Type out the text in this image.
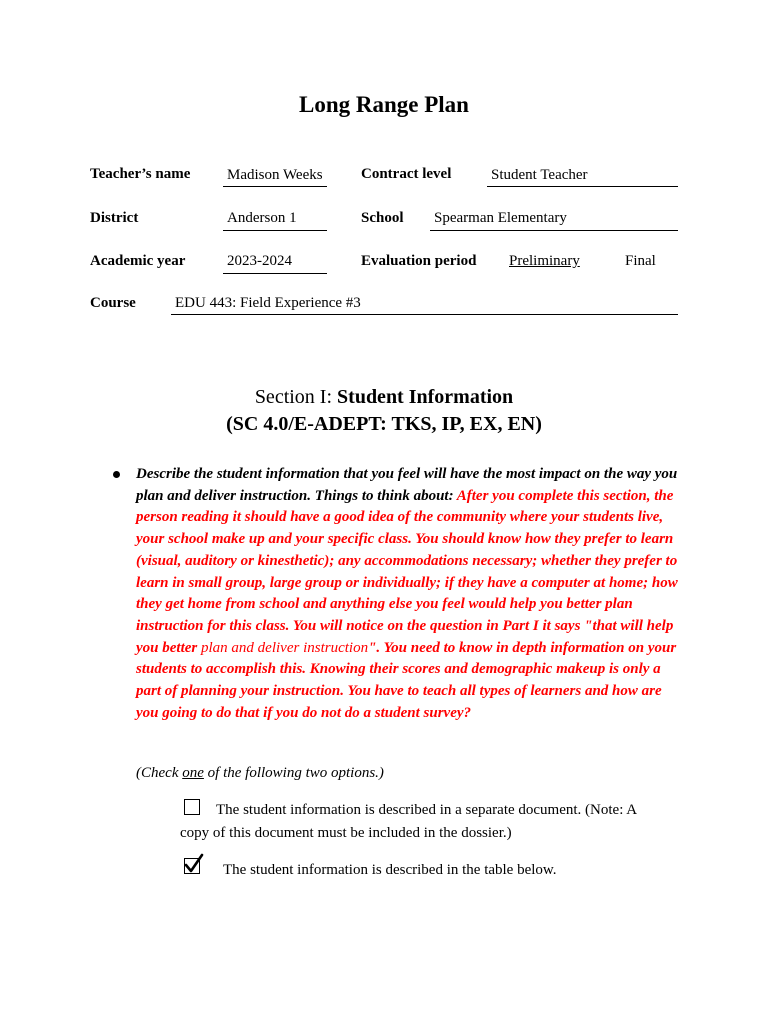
Long Range Plan
Teacher’s name Madison Weeks	Contract level	Student Teacher
District	Anderson 1	School Spearman Elementary
Academic year	2023-2024	Evaluation period Preliminary	Final
Course	EDU 443: Field Experience #3
Section I: Student Information
(SC 4.0/E-ADEPT: TKS, IP, EX, EN)
Describe the student information that you feel will have the most impact on the way you plan and deliver instruction. Things to think about: After you complete this section, the person reading it should have a good idea of the community where your students live, your school make up and your specific class. You should know how they prefer to learn (visual, auditory or kinesthetic); any accommodations necessary; whether they prefer to learn in small group, large group or individually; if they have a computer at home; how they get home from school and anything else you feel would help you better plan instruction for this class. You will notice on the question in Part I it says "that will help you better plan and deliver instruction". You need to know in depth information on your students to accomplish this. Knowing their scores and demographic makeup is only a part of planning your instruction. You have to teach all types of learners and how are you going to do that if you do not do a student survey?
(Check one of the following two options.)
The student information is described in a separate document. (Note: A
copy of this document must be included in the dossier.)
The student information is described in the table below.
